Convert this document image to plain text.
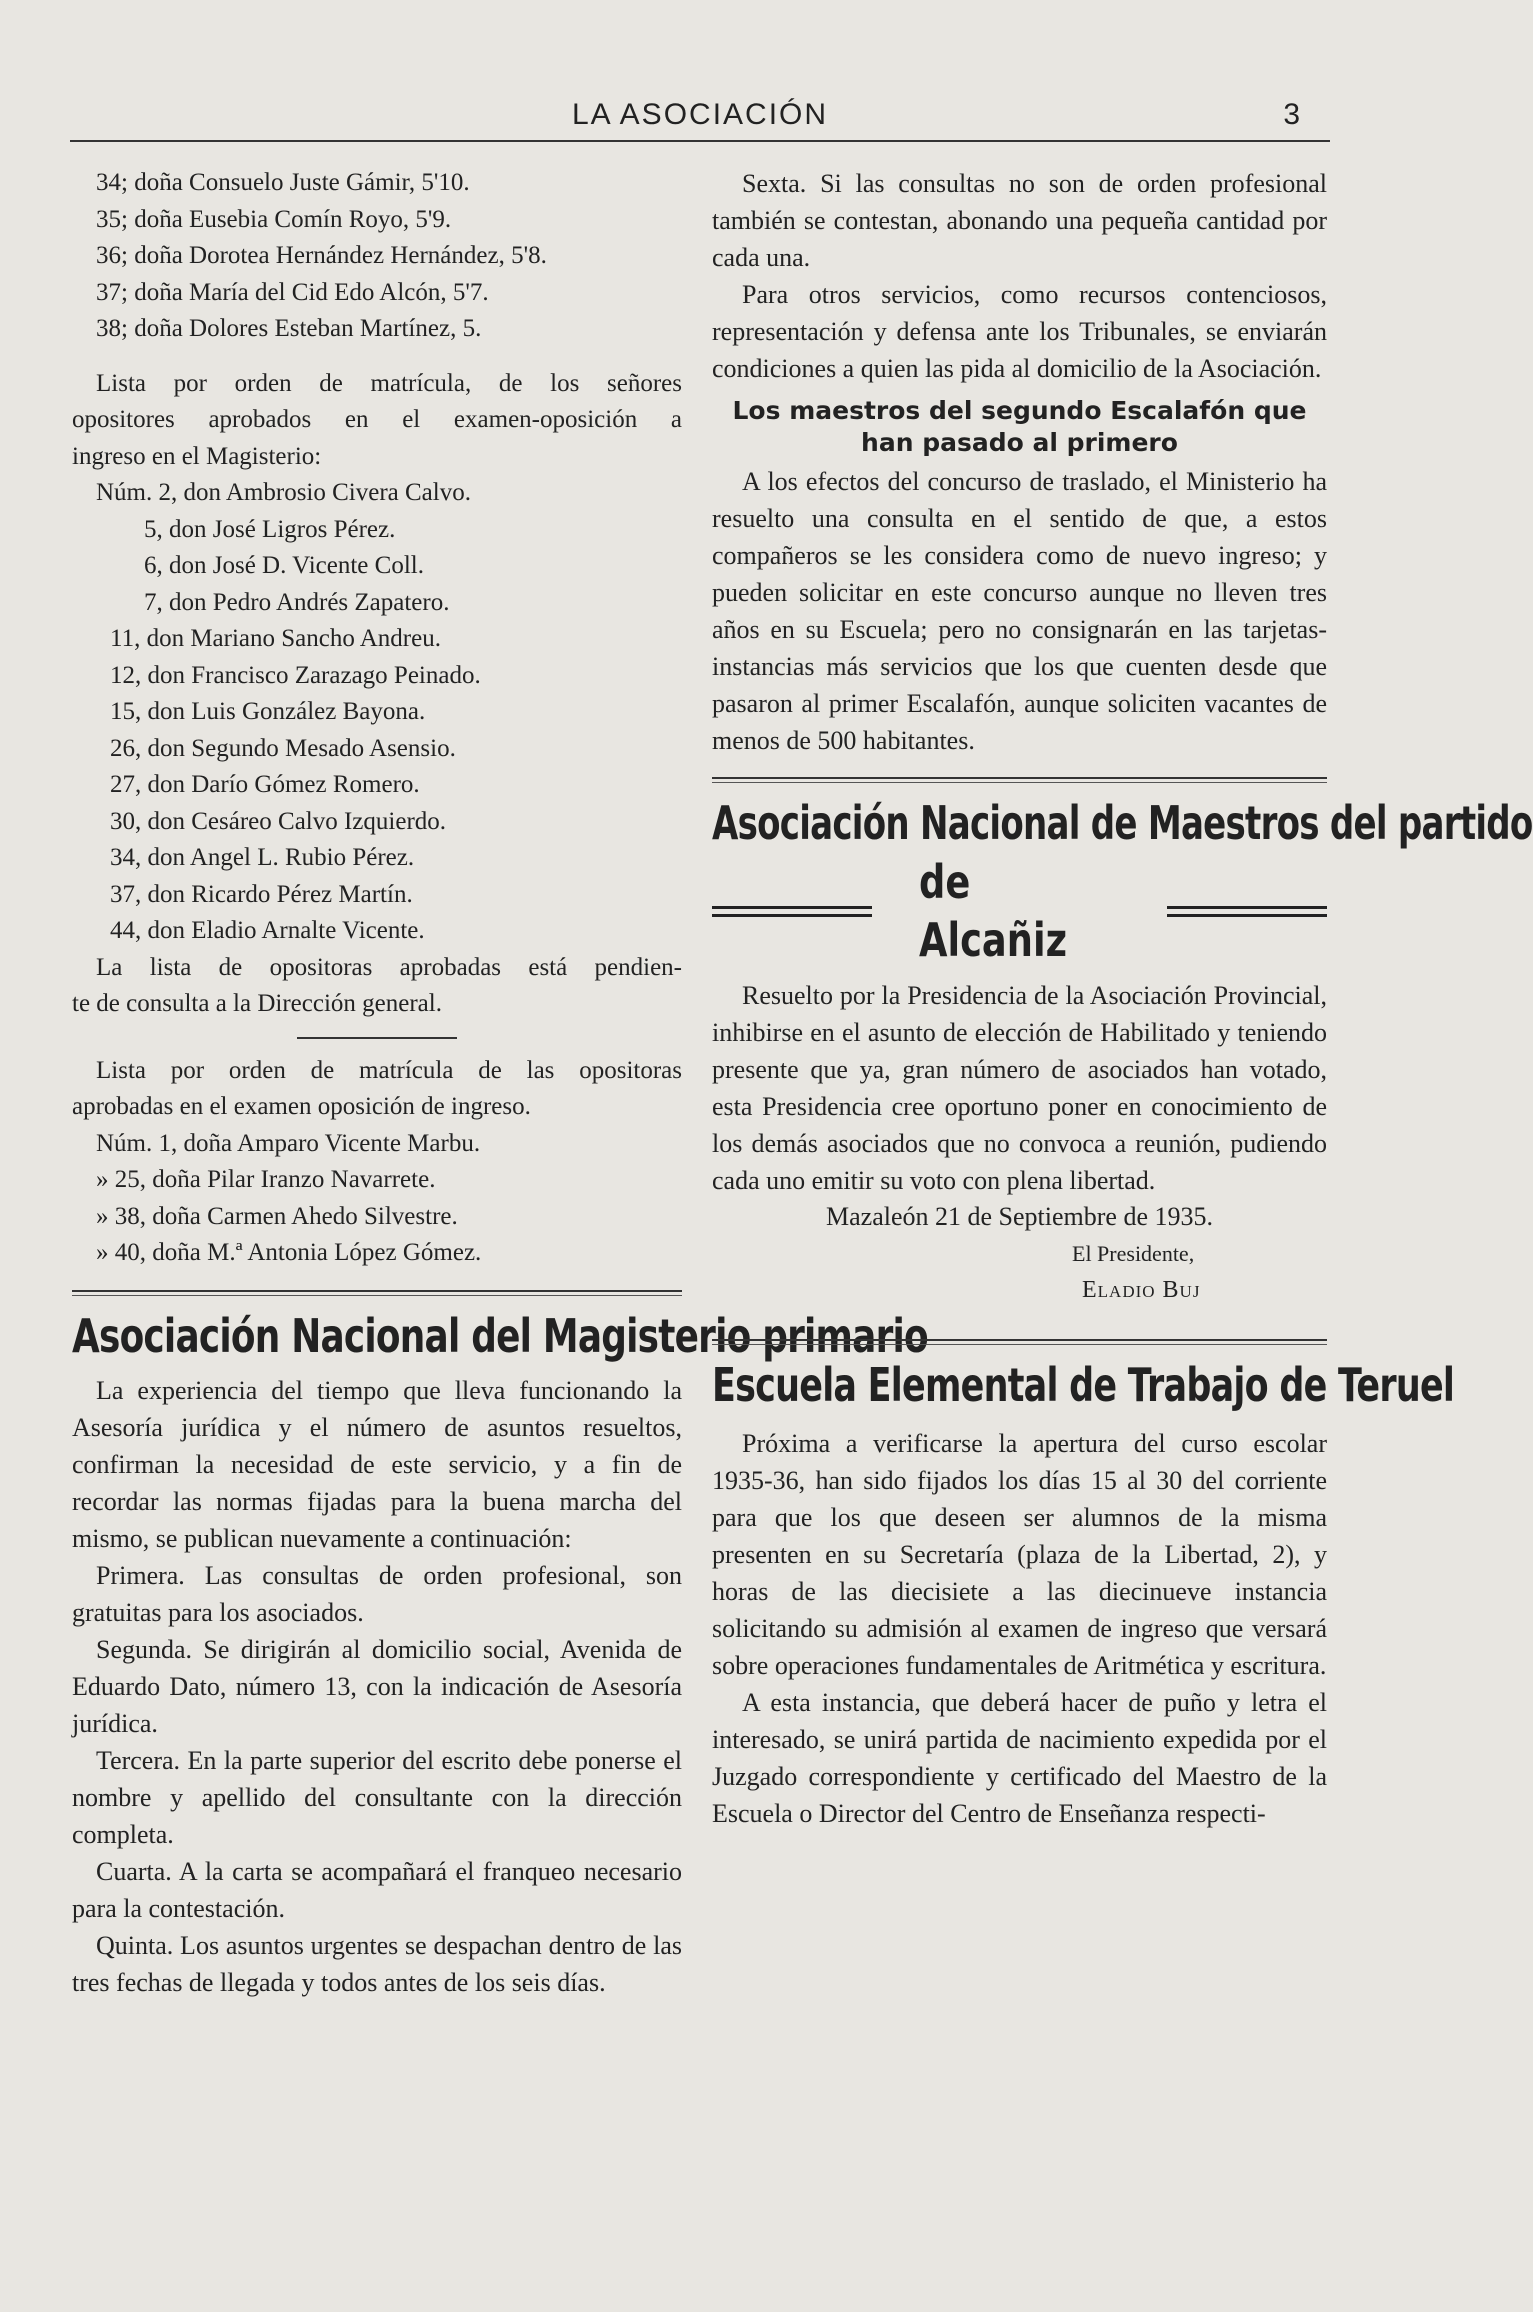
LA ASOCIACIÓN	3
34; doña Consuelo Juste Gámir, 5'10.
35; doña Eusebia Comín Royo, 5'9.
36; doña Dorotea Hernández Hernández, 5'8.
37; doña María del Cid Edo Alcón, 5'7.
38; doña Dolores Esteban Martínez, 5.
Lista por orden de matrícula, de los señores
opositores aprobados en el examen-oposición a
ingreso en el Magisterio:
Núm. 2, don Ambrosio Civera Calvo.
5, don José Ligros Pérez.
6, don José D. Vicente Coll.
7, don Pedro Andrés Zapatero.
11, don Mariano Sancho Andreu.
12, don Francisco Zarazago Peinado.
15, don Luis González Bayona.
26, don Segundo Mesado Asensio.
27, don Darío Gómez Romero.
30, don Cesáreo Calvo Izquierdo.
34, don Angel L. Rubio Pérez.
37, don Ricardo Pérez Martín.
44, don Eladio Arnalte Vicente.
La lista de opositoras aprobadas está pendien-
te de consulta a la Dirección general.
Lista por orden de matrícula de las opositoras
aprobadas en el examen oposición de ingreso.
Núm. 1, doña Amparo Vicente Marbu.
» 25, doña Pilar Iranzo Navarrete.
» 38, doña Carmen Ahedo Silvestre.
» 40, doña M.ª Antonia López Gómez.
Asociación Nacional del Magisterio primario

La experiencia del tiempo que lleva funcionando la Asesoría jurídica y el número de asuntos resueltos, confirman la necesidad de este servicio, y a fin de recordar las normas fijadas para la buena marcha del mismo, se publican nuevamente a continuación:

Primera. Las consultas de orden profesional, son gratuitas para los asociados.

Segunda. Se dirigirán al domicilio social, Avenida de Eduardo Dato, número 13, con la indicación de Asesoría jurídica.

Tercera. En la parte superior del escrito debe ponerse el nombre y apellido del consultante con la dirección completa.

Cuarta. A la carta se acompañará el franqueo necesario para la contestación.

Quinta. Los asuntos urgentes se despachan dentro de las tres fechas de llegada y todos antes de los seis días.

Sexta. Si las consultas no son de orden profesional también se contestan, abonando una pequeña cantidad por cada una.

Para otros servicios, como recursos contenciosos, representación y defensa ante los Tribunales, se enviarán condiciones a quien las pida al domicilio de la Asociación.

Los maestros del segundo Escalafón que han pasado al primero

A los efectos del concurso de traslado, el Ministerio ha resuelto una consulta en el sentido de que, a estos compañeros se les considera como de nuevo ingreso; y pueden solicitar en este concurso aunque no lleven tres años en su Escuela; pero no consignarán en las tarjetas-instancias más servicios que los que cuenten desde que pasaron al primer Escalafón, aunque soliciten vacantes de menos de 500 habitantes.

Asociación Nacional de Maestros del partido
de Alcañiz

Resuelto por la Presidencia de la Asociación Provincial, inhibirse en el asunto de elección de Habilitado y teniendo presente que ya, gran número de asociados han votado, esta Presidencia cree oportuno poner en conocimiento de los demás asociados que no convoca a reunión, pudiendo cada uno emitir su voto con plena libertad.

Mazaleón 21 de Septiembre de 1935.
El Presidente,
Eladio Buj
Escuela Elemental de Trabajo de Teruel

Próxima a verificarse la apertura del curso escolar 1935-36, han sido fijados los días 15 al 30 del corriente para que los que deseen ser alumnos de la misma presenten en su Secretaría (plaza de la Libertad, 2), y horas de las diecisiete a las diecinueve instancia solicitando su admisión al examen de ingreso que versará sobre operaciones fundamentales de Aritmética y escritura.

A esta instancia, que deberá hacer de puño y letra el interesado, se unirá partida de nacimiento expedida por el Juzgado correspondiente y certificado del Maestro de la Escuela o Director del Centro de Enseñanza respecti-
